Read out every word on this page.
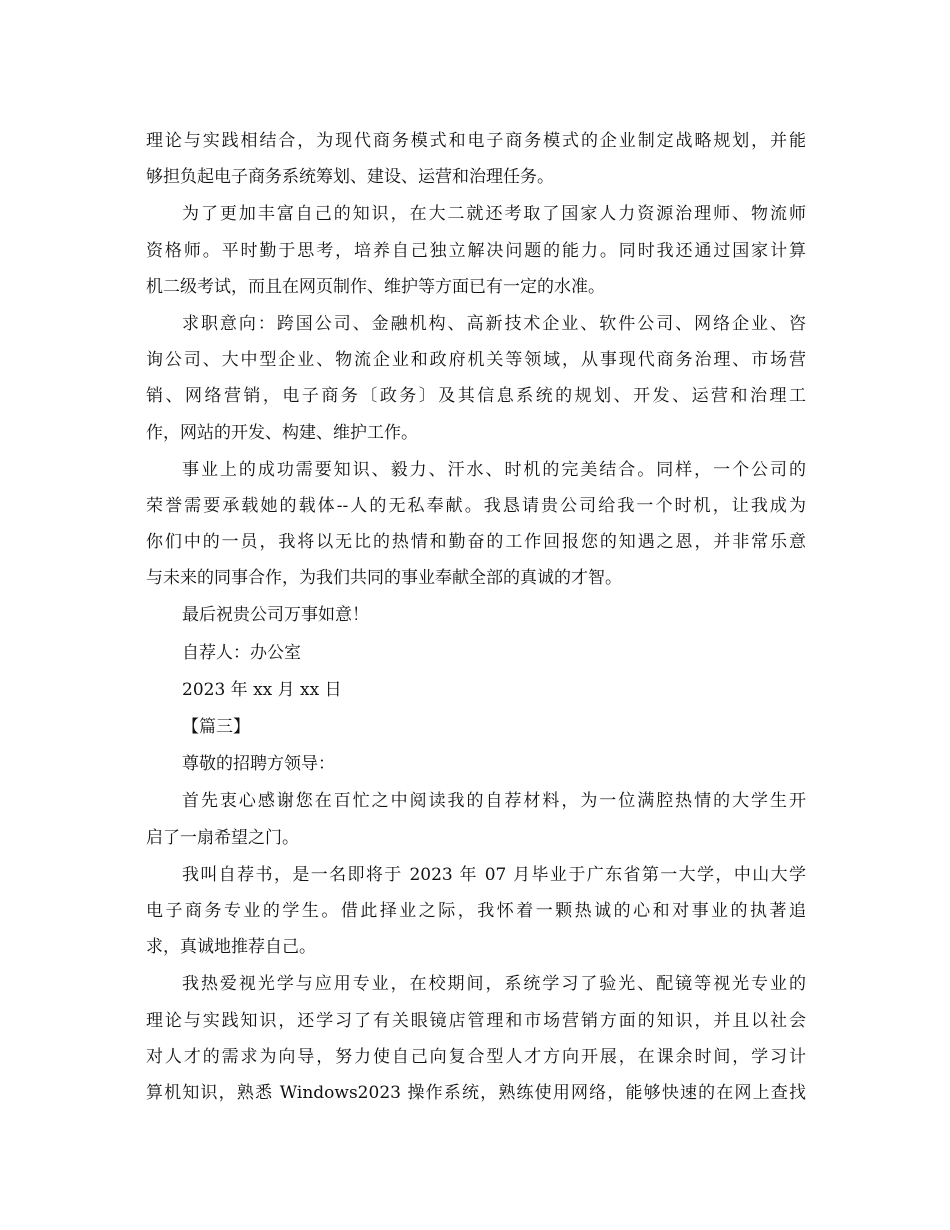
理论与实践相结合，为现代商务模式和电子商务模式的企业制定战略规划，并能
够担负起电子商务系统筹划、建设、运营和治理任务。
为了更加丰富自己的知识，在大二就还考取了国家人力资源治理师、物流师
资格师。平时勤于思考，培养自己独立解决问题的能力。同时我还通过国家计算
机二级考试，而且在网页制作、维护等方面已有一定的水准。
求职意向：跨国公司、金融机构、高新技术企业、软件公司、网络企业、咨
询公司、大中型企业、物流企业和政府机关等领域，从事现代商务治理、市场营
销、网络营销，电子商务〔政务〕及其信息系统的规划、开发、运营和治理工
作，网站的开发、构建、维护工作。
事业上的成功需要知识、毅力、汗水、时机的完美结合。同样，一个公司的
荣誉需要承载她的载体--人的无私奉献。我恳请贵公司给我一个时机，让我成为
你们中的一员，我将以无比的热情和勤奋的工作回报您的知遇之恩，并非常乐意
与未来的同事合作，为我们共同的事业奉献全部的真诚的才智。
最后祝贵公司万事如意！
自荐人：办公室
2023 年 xx 月 xx 日
【篇三】
尊敬的招聘方领导：
首先衷心感谢您在百忙之中阅读我的自荐材料，为一位满腔热情的大学生开
启了一扇希望之门。
我叫自荐书，是一名即将于 2023 年 07 月毕业于广东省第一大学，中山大学
电子商务专业的学生。借此择业之际，我怀着一颗热诚的心和对事业的执著追
求，真诚地推荐自己。
我热爱视光学与应用专业，在校期间，系统学习了验光、配镜等视光专业的
理论与实践知识，还学习了有关眼镜店管理和市场营销方面的知识，并且以社会
对人才的需求为向导，努力使自己向复合型人才方向开展，在课余时间，学习计
算机知识，熟悉 Windows2023 操作系统，熟练使用网络，能够快速的在网上查找
